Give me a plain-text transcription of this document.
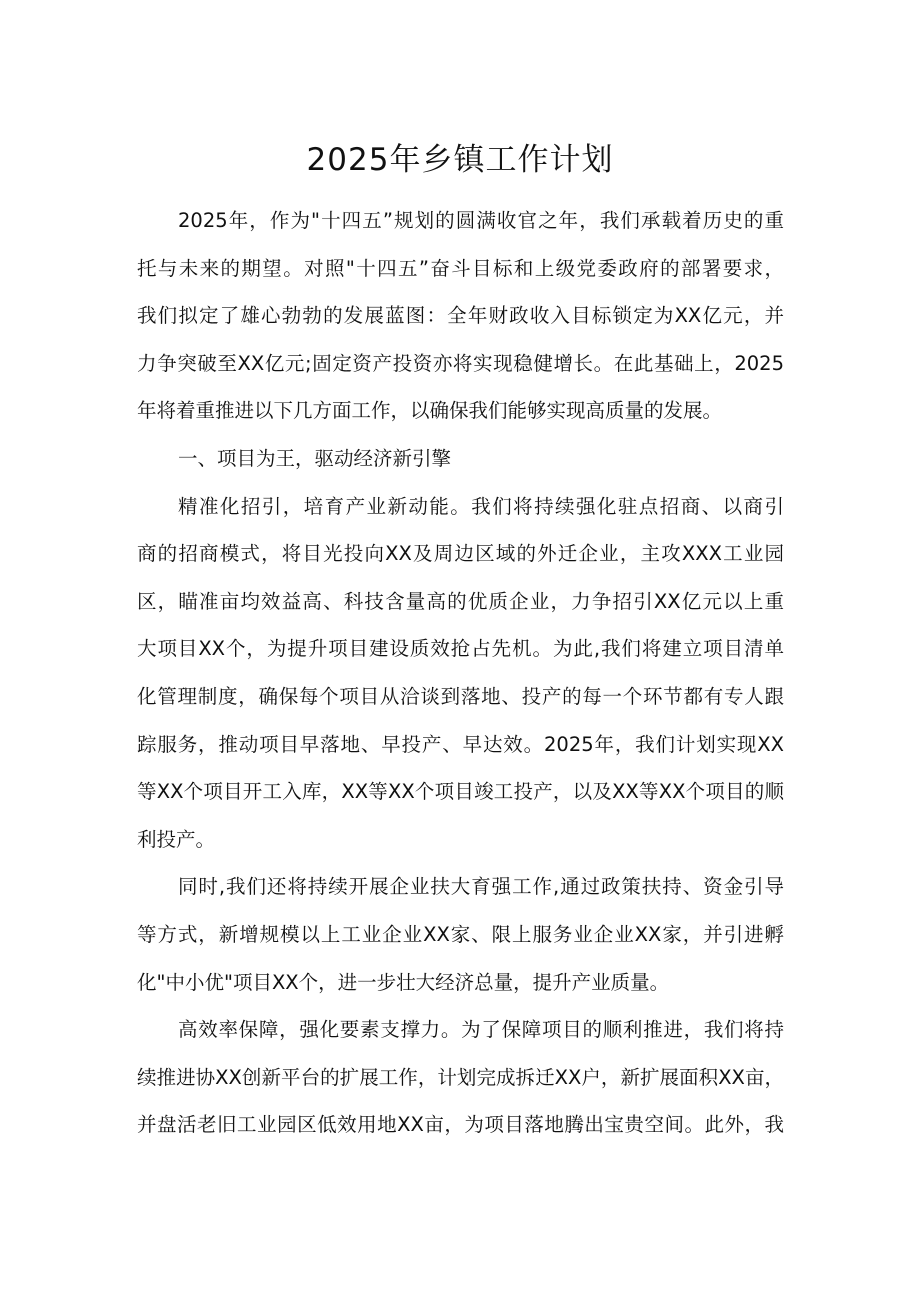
2025年乡镇工作计划
2025年，作为"十四五”规划的圆满收官之年，我们承载着历史的重
托与未来的期望。对照"十四五”奋斗目标和上级党委政府的部署要求，
我们拟定了雄心勃勃的发展蓝图：全年财政收入目标锁定为XX亿元，并
力争突破至XX亿元;固定资产投资亦将实现稳健增长。在此基础上，2025
年将着重推进以下几方面工作，以确保我们能够实现高质量的发展。
一、项目为王，驱动经济新引擎
精准化招引，培育产业新动能。我们将持续强化驻点招商、以商引
商的招商模式，将目光投向XX及周边区域的外迁企业，主攻XXX工业园
区，瞄准亩均效益高、科技含量高的优质企业，力争招引XX亿元以上重
大项目XX个，为提升项目建设质效抢占先机。为此,我们将建立项目清单
化管理制度，确保每个项目从洽谈到落地、投产的每一个环节都有专人跟
踪服务，推动项目早落地、早投产、早达效。2025年，我们计划实现XX
等XX个项目开工入库，XX等XX个项目竣工投产，以及XX等XX个项目的顺
利投产。
同时,我们还将持续开展企业扶大育强工作,通过政策扶持、资金引导
等方式，新增规模以上工业企业XX家、限上服务业企业XX家，并引进孵
化"中小优"项目XX个，进一步壮大经济总量，提升产业质量。
高效率保障，强化要素支撑力。为了保障项目的顺利推进，我们将持
续推进协XX创新平台的扩展工作，计划完成拆迁XX户，新扩展面积XX亩，
并盘活老旧工业园区低效用地XX亩，为项目落地腾出宝贵空间。此外，我
